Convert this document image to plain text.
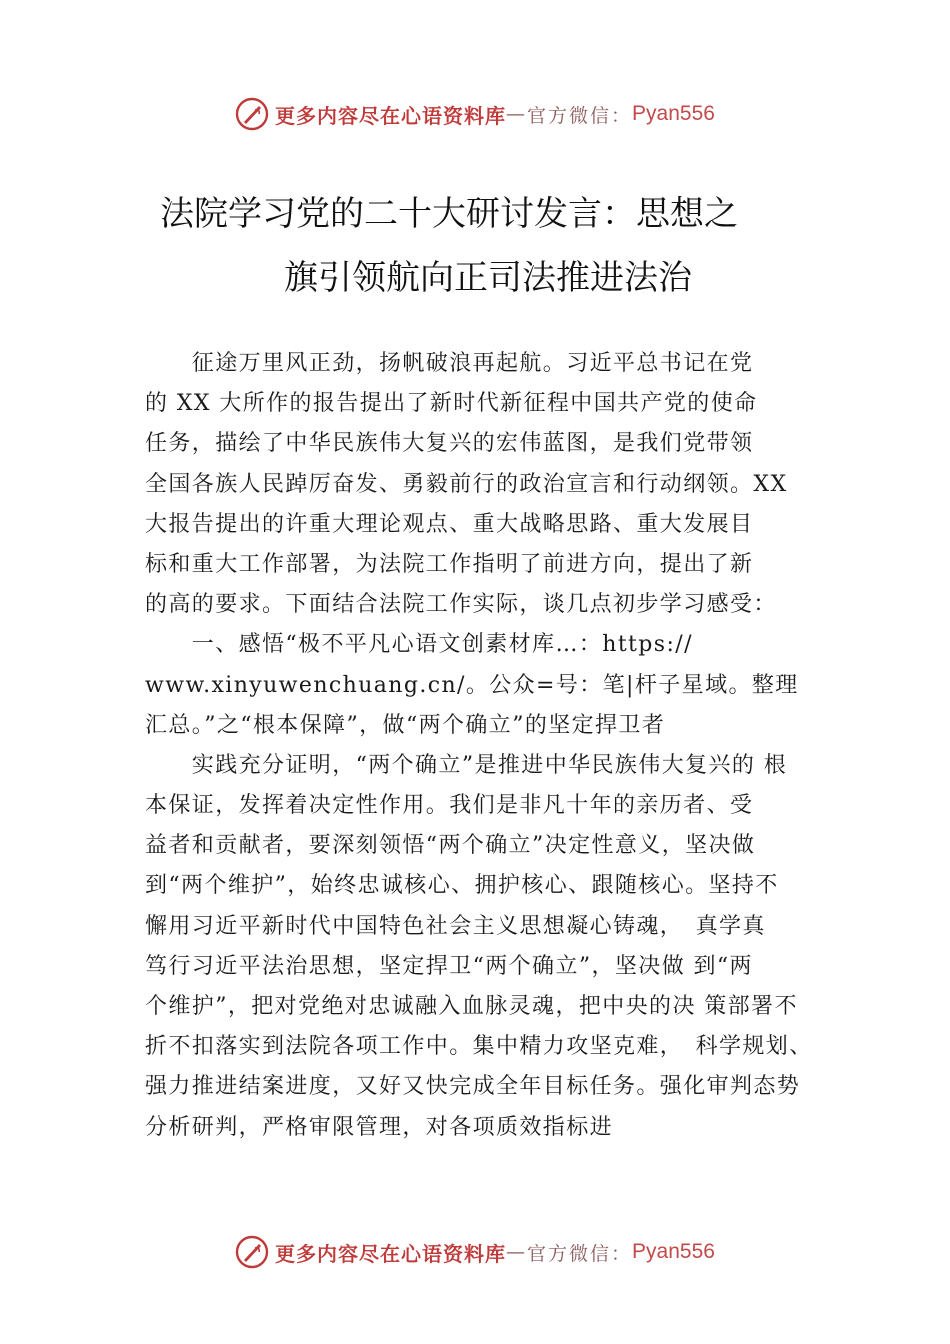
更多内容尽在心语资料库 — 官方微信： Pyan556
法院学习党的二十大研讨发言：思想之
旗引领航向正司法推进法治
　　征途万里风正劲，扬帆破浪再起航。习近平总书记在党
的 XX 大所作的报告提出了新时代新征程中国共产党的使命
任务，描绘了中华民族伟大复兴的宏伟蓝图，是我们党带领
全国各族人民踔厉奋发、勇毅前行的政治宣言和行动纲领。XX
大报告提出的许重大理论观点、重大战略思路、重大发展目
标和重大工作部署，为法院工作指明了前进方向，提出了新
的高的要求。下面结合法院工作实际，谈几点初步学习感受：
　　一、感悟“极不平凡心语文创素材库…：https://
www.xinyuwenchuang.cn/。公众=号：笔|杆子星域。整理
汇总。”之“根本保障”，做“两个确立”的坚定捍卫者
　　实践充分证明，“两个确立”是推进中华民族伟大复兴的 根
本保证，发挥着决定性作用。我们是非凡十年的亲历者、受
益者和贡献者，要深刻领悟“两个确立”决定性意义，坚决做
到“两个维护”，始终忠诚核心、拥护核心、跟随核心。坚持不
懈用习近平新时代中国特色社会主义思想凝心铸魂，　真学真
笃行习近平法治思想，坚定捍卫“两个确立”，坚决做 到“两
个维护”，把对党绝对忠诚融入血脉灵魂，把中央的决 策部署不
折不扣落实到法院各项工作中。集中精力攻坚克难，　科学规划、
强力推进结案进度，又好又快完成全年目标任务。强化审判态势
分析研判，严格审限管理，对各项质效指标进
更多内容尽在心语资料库 — 官方微信： Pyan556
